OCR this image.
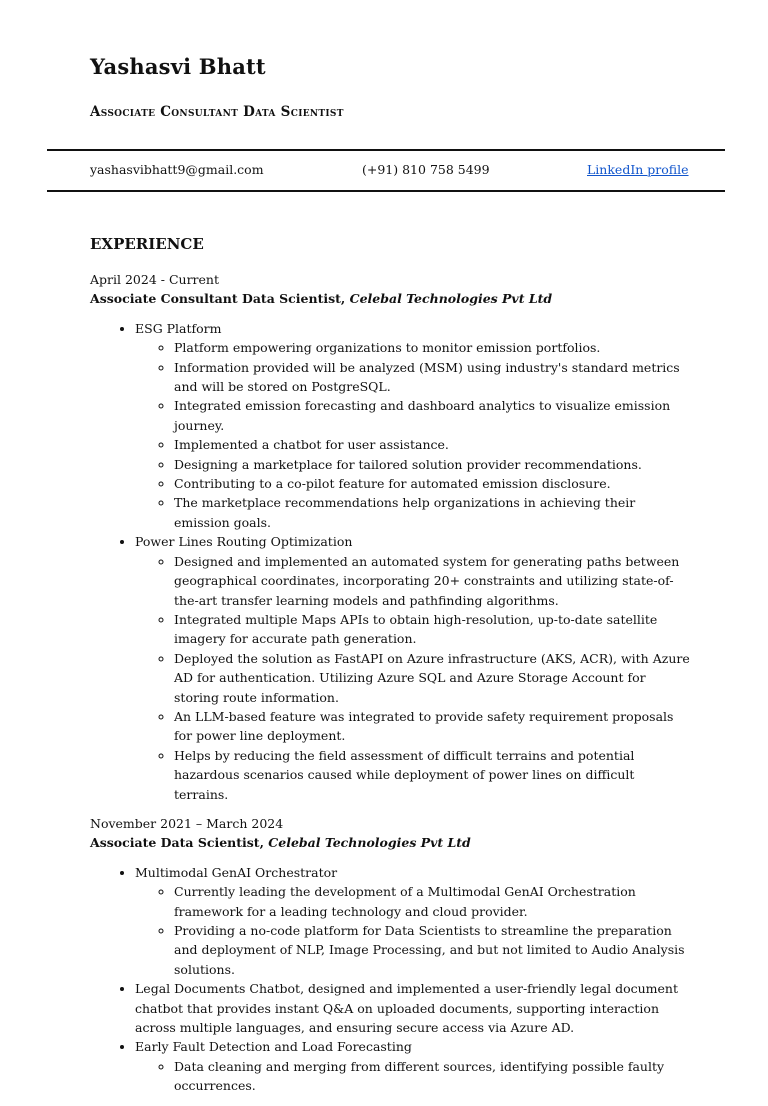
Yashasvi Bhatt
Associate Consultant Data Scientist
yashasvibhatt9@gmail.com	(+91) 810 758 5499	LinkedIn profile
EXPERIENCE

April 2024 - Current

Associate Consultant Data Scientist, Celebal Technologies Pvt Ltd

• ESG Platform
◦ Platform empowering organizations to monitor emission portfolios.
◦ Information provided will be analyzed (MSM) using industry's standard metrics and will be stored on PostgreSQL.
◦ Integrated emission forecasting and dashboard analytics to visualize emission journey.
◦ Implemented a chatbot for user assistance.
◦ Designing a marketplace for tailored solution provider recommendations.
◦ Contributing to a co-pilot feature for automated emission disclosure.
◦ The marketplace recommendations help organizations in achieving their emission goals.
• Power Lines Routing Optimization
◦ Designed and implemented an automated system for generating paths between geographical coordinates, incorporating 20+ constraints and utilizing state-of-the-art transfer learning models and pathfinding algorithms.
◦ Integrated multiple Maps APIs to obtain high-resolution, up-to-date satellite imagery for accurate path generation.
◦ Deployed the solution as FastAPI on Azure infrastructure (AKS, ACR), with Azure AD for authentication. Utilizing Azure SQL and Azure Storage Account for storing route information.
◦ An LLM-based feature was integrated to provide safety requirement proposals for power line deployment.
◦ Helps by reducing the field assessment of difficult terrains and potential hazardous scenarios caused while deployment of power lines on difficult terrains.

November 2021 – March 2024

Associate Data Scientist, Celebal Technologies Pvt Ltd

• Multimodal GenAI Orchestrator
◦ Currently leading the development of a Multimodal GenAI Orchestration framework for a leading technology and cloud provider.
◦ Providing a no-code platform for Data Scientists to streamline the preparation and deployment of NLP, Image Processing, and but not limited to Audio Analysis solutions.
• Legal Documents Chatbot, designed and implemented a user-friendly legal document chatbot that provides instant Q&A on uploaded documents, supporting interaction across multiple languages, and ensuring secure access via Azure AD.
• Early Fault Detection and Load Forecasting
◦ Data cleaning and merging from different sources, identifying possible faulty occurrences.
